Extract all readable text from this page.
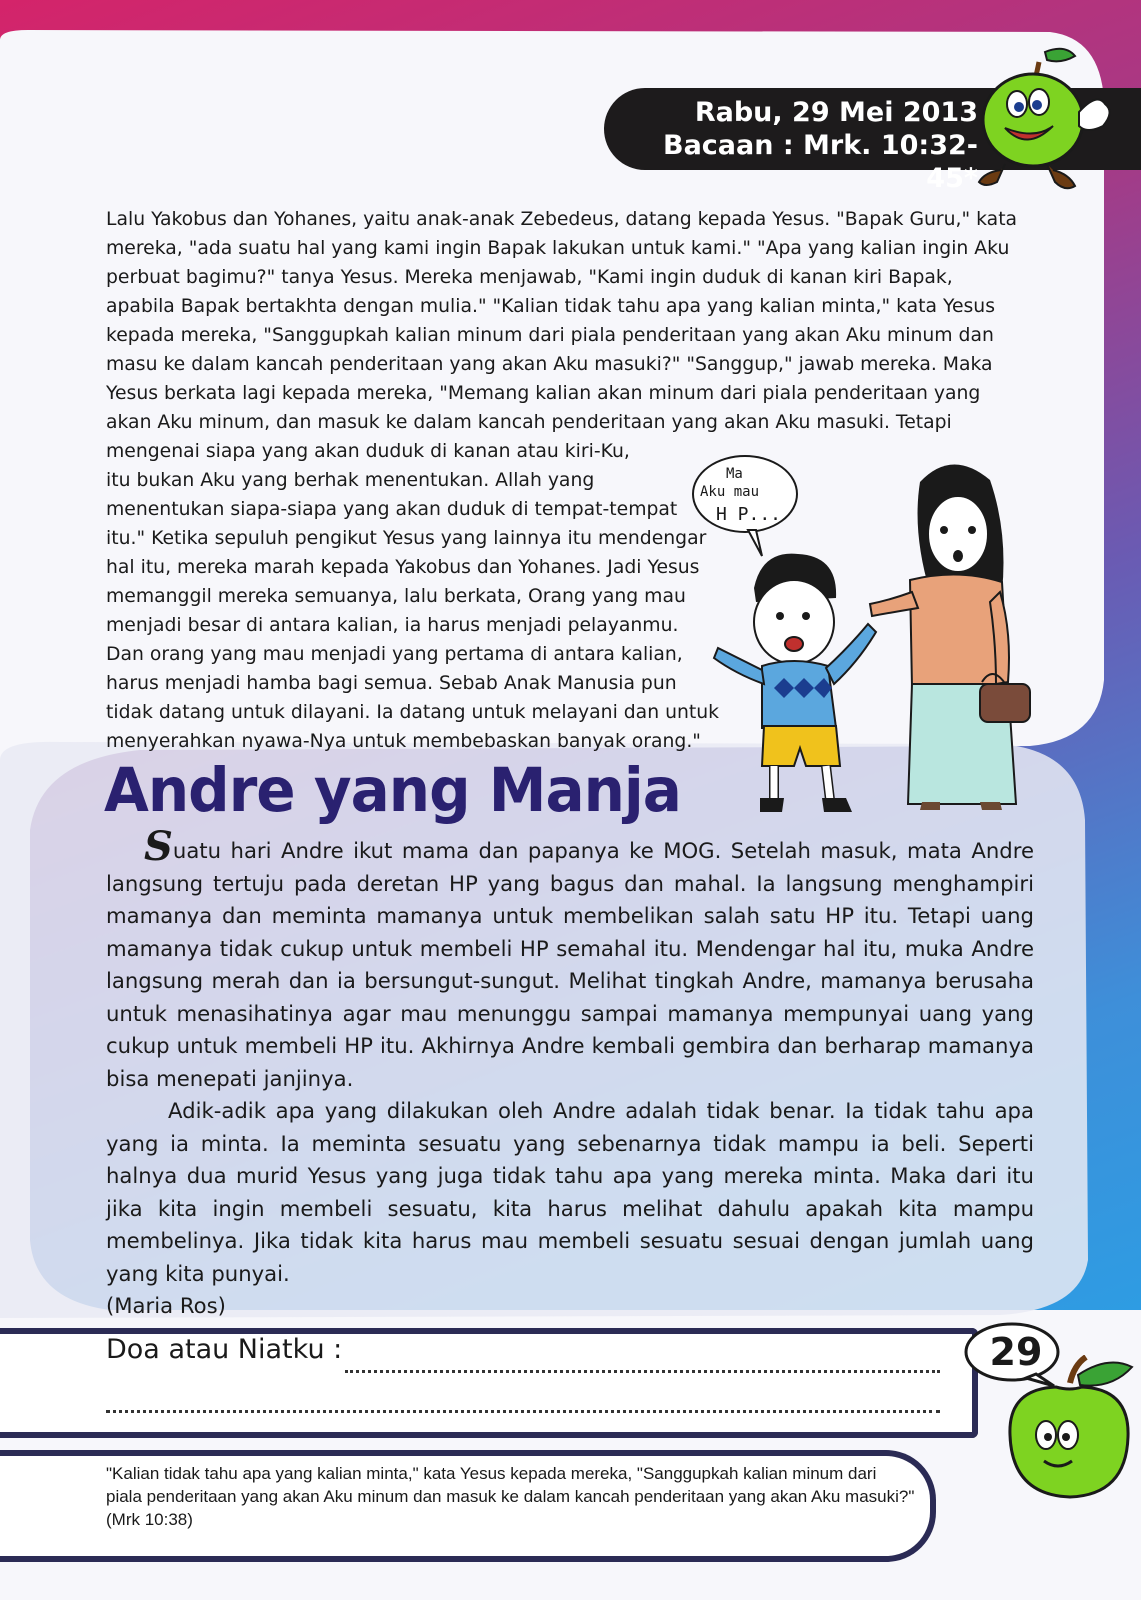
Rabu, 29 Mei 2013
Bacaan : Mrk. 10:32-45*
Lalu Yakobus dan Yohanes, yaitu anak-anak Zebedeus, datang kepada Yesus. "Bapak Guru," kata
mereka, "ada suatu hal yang kami ingin Bapak lakukan untuk kami." "Apa yang kalian ingin Aku
perbuat bagimu?" tanya Yesus. Mereka menjawab, "Kami ingin duduk di kanan kiri Bapak,
apabila Bapak bertakhta dengan mulia." "Kalian tidak tahu apa yang kalian minta," kata Yesus
kepada mereka, "Sanggupkah kalian minum dari piala penderitaan yang akan Aku minum dan
masu ke dalam kancah penderitaan yang akan Aku masuki?" "Sanggup," jawab mereka. Maka
Yesus berkata lagi kepada mereka, "Memang kalian akan minum dari piala penderitaan yang
akan Aku minum, dan masuk ke dalam kancah penderitaan yang akan Aku masuki. Tetapi
mengenai siapa yang akan duduk di kanan atau kiri-Ku,
itu bukan Aku yang berhak menentukan. Allah yang
menentukan siapa-siapa yang akan duduk di tempat-tempat
itu." Ketika sepuluh pengikut Yesus yang lainnya itu mendengar
hal itu, mereka marah kepada Yakobus dan Yohanes. Jadi Yesus
memanggil mereka semuanya, lalu berkata, Orang yang mau
menjadi besar di antara kalian, ia harus menjadi pelayanmu.
Dan orang yang mau menjadi yang pertama di antara kalian,
harus menjadi hamba bagi semua. Sebab Anak Manusia pun
tidak datang untuk dilayani. Ia datang untuk melayani dan untuk
menyerahkan nyawa-Nya untuk membebaskan banyak orang."
Ma
Aku mau
H P...
Andre yang Manja

Suatu hari Andre ikut mama dan papanya ke MOG. Setelah masuk, mata Andre langsung tertuju pada deretan HP yang bagus dan mahal. Ia langsung menghampiri mamanya dan meminta mamanya untuk membelikan salah satu HP itu. Tetapi uang mamanya tidak cukup untuk membeli HP semahal itu. Mendengar hal itu, muka Andre langsung merah dan ia bersungut-sungut. Melihat tingkah Andre, mamanya berusaha untuk menasihatinya agar mau menunggu sampai mamanya mempunyai uang yang cukup untuk membeli HP itu. Akhirnya Andre kembali gembira dan berharap mamanya bisa menepati janjinya.

Adik-adik apa yang dilakukan oleh Andre adalah tidak benar. Ia tidak tahu apa yang ia minta. Ia meminta sesuatu yang sebenarnya tidak mampu ia beli. Seperti halnya dua murid Yesus yang juga tidak tahu apa yang mereka minta. Maka dari itu jika kita ingin membeli sesuatu, kita harus melihat dahulu apakah kita mampu membelinya. Jika tidak kita harus mau membeli sesuatu sesuai dengan jumlah uang yang kita punyai.

(Maria Ros)

Doa atau Niatku :	29
"Kalian tidak tahu apa yang kalian minta," kata Yesus kepada mereka, "Sanggupkah kalian minum dari
piala penderitaan yang akan Aku minum dan masuk ke dalam kancah penderitaan yang akan Aku masuki?"
(Mrk 10:38)
